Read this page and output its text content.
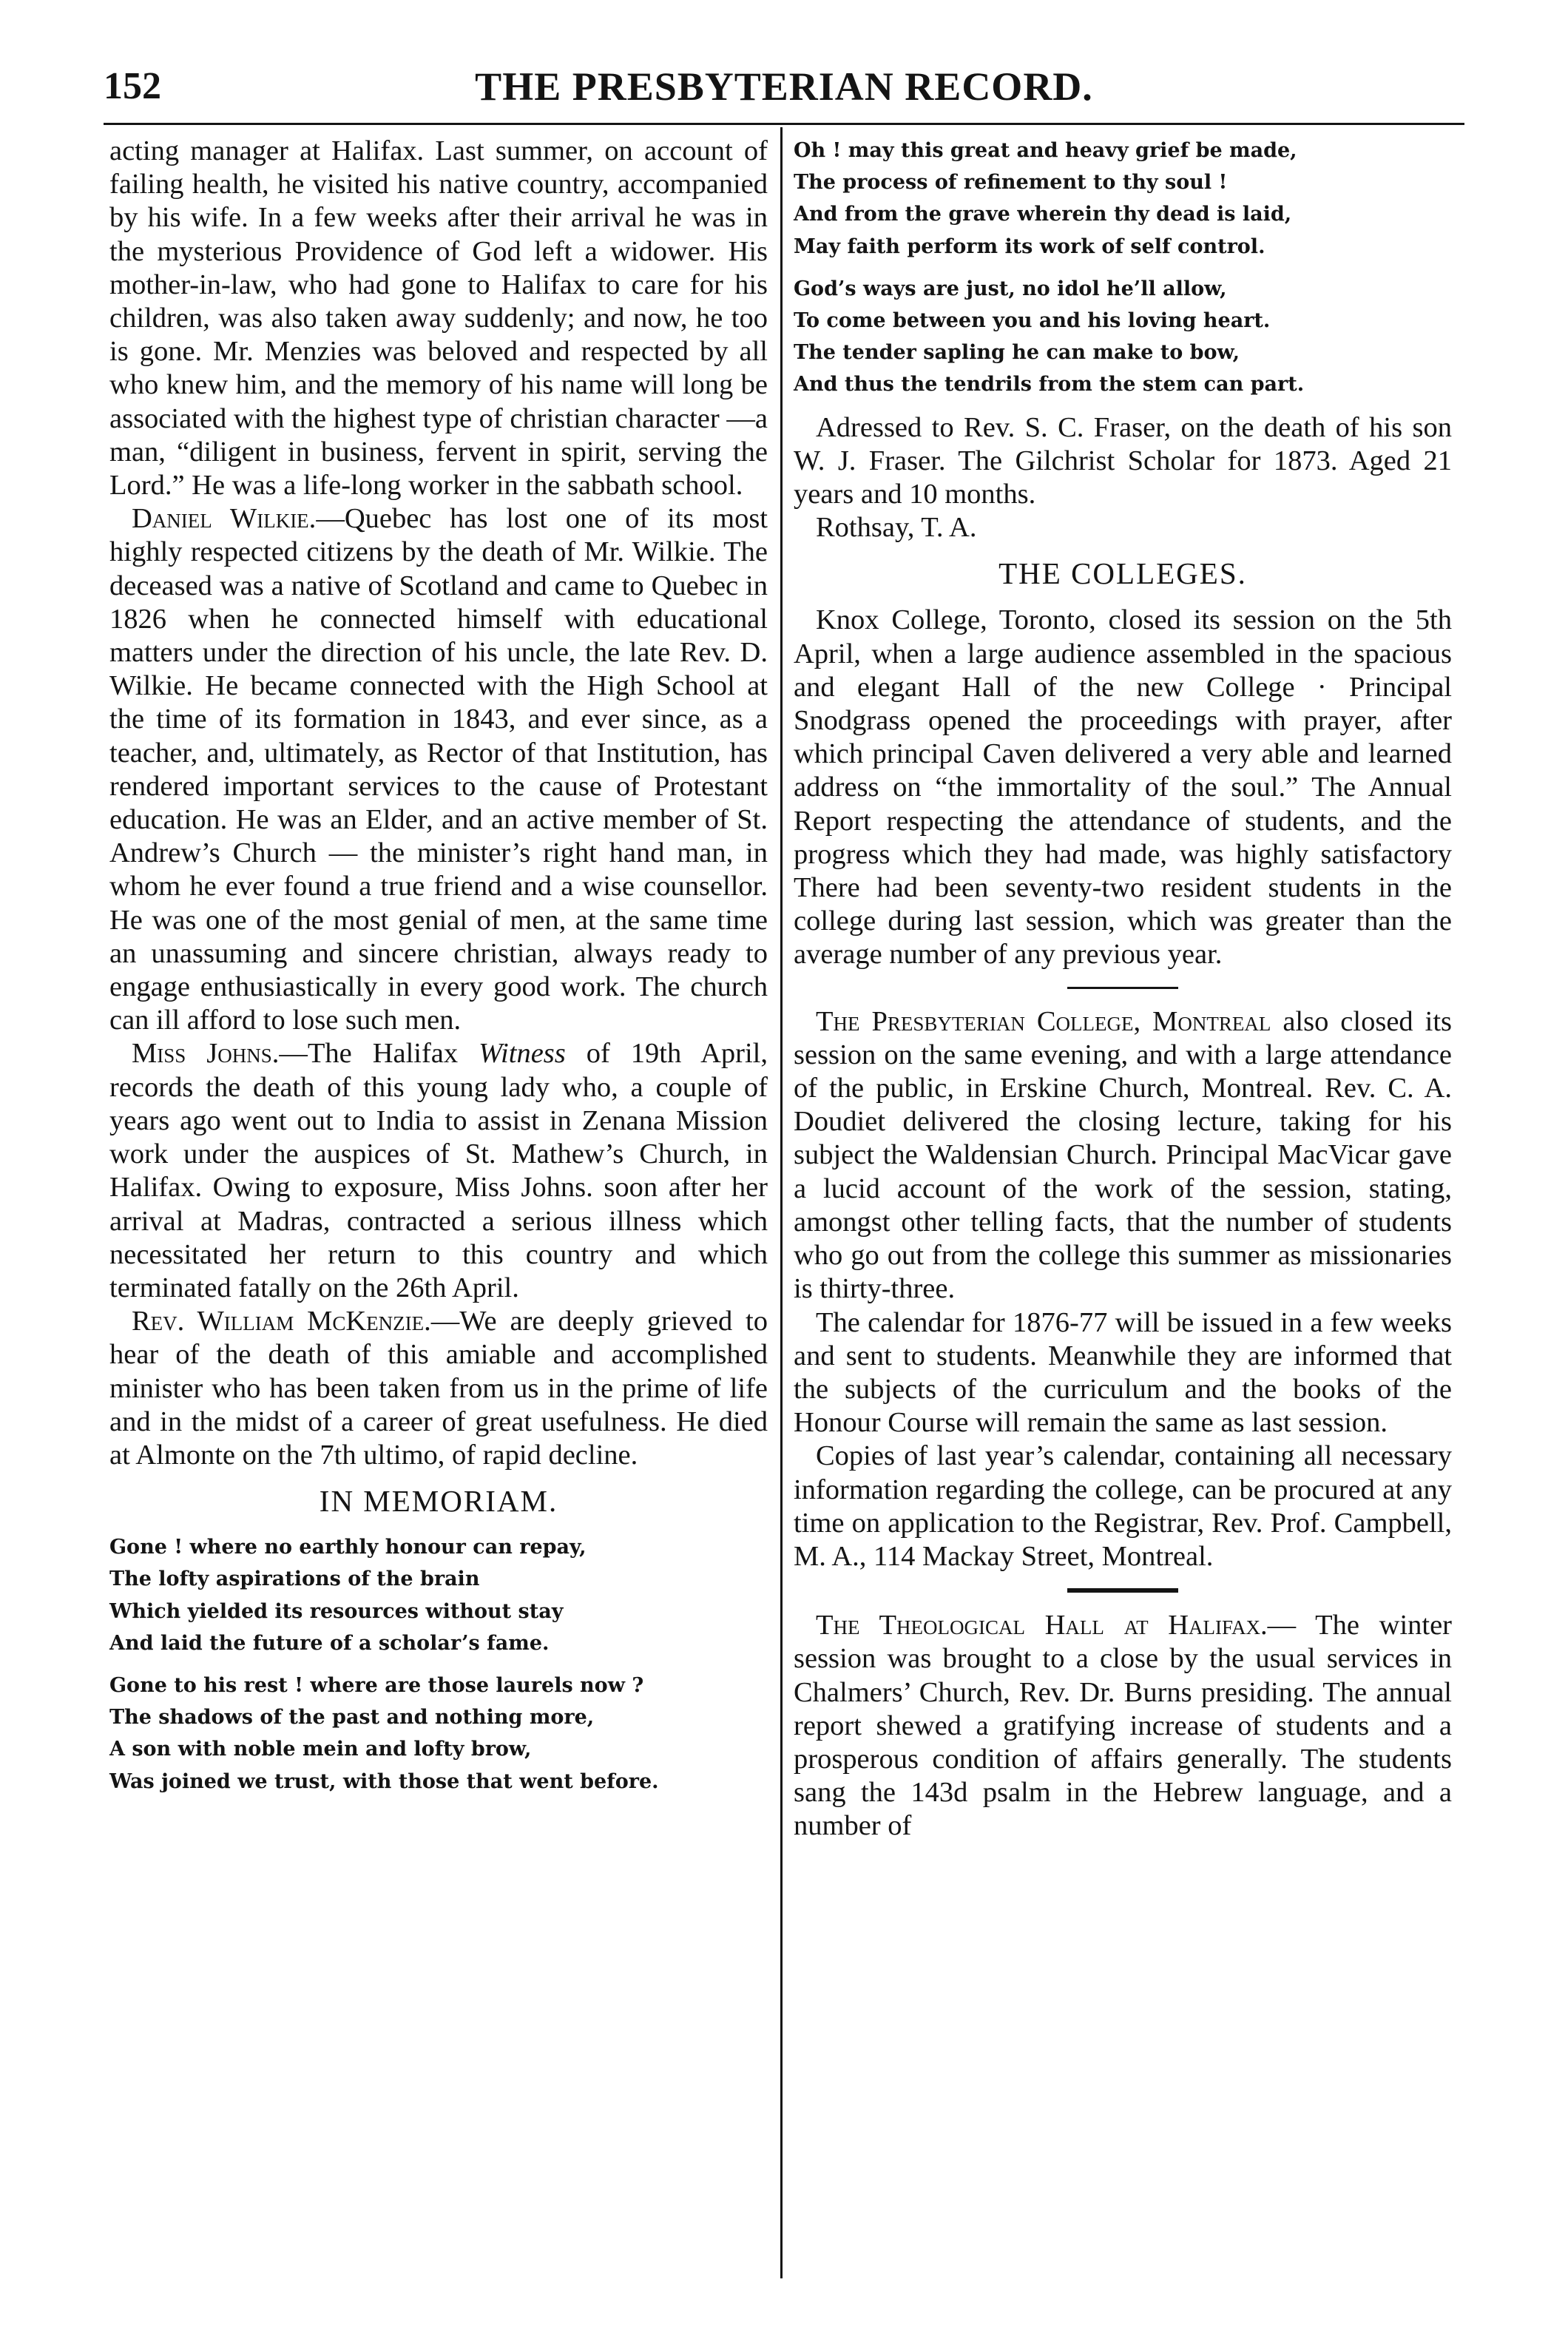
152	THE PRESBYTERIAN RECORD.

acting manager at Halifax. Last summer, on account of failing health, he visited his native country, accompanied by his wife. In a few weeks after their arrival he was in the mysterious Providence of God left a widower. His mother-in-law, who had gone to Halifax to care for his children, was also taken away suddenly; and now, he too is gone. Mr. Menzies was beloved and respected by all who knew him, and the memory of his name will long be associated with the highest type of christian character —a man, “diligent in business, fervent in spirit, serving the Lord.” He was a life-long worker in the sabbath school.

Daniel Wilkie.—Quebec has lost one of its most highly respected citizens by the death of Mr. Wilkie. The deceased was a native of Scotland and came to Quebec in 1826 when he connected himself with educational matters under the direction of his uncle, the late Rev. D. Wilkie. He became connected with the High School at the time of its formation in 1843, and ever since, as a teacher, and, ultimately, as Rector of that Institution, has rendered important services to the cause of Protestant education. He was an Elder, and an active member of St. Andrew’s Church — the minister’s right hand man, in whom he ever found a true friend and a wise counsellor. He was one of the most genial of men, at the same time an unassuming and sincere christian, always ready to engage enthusiastically in every good work. The church can ill afford to lose such men.

Miss Johns.—The Halifax Witness of 19th April, records the death of this young lady who, a couple of years ago went out to India to assist in Zenana Mission work under the auspices of St. Mathew’s Church, in Halifax. Owing to exposure, Miss Johns. soon after her arrival at Madras, contracted a serious illness which necessitated her return to this country and which terminated fatally on the 26th April.

Rev. William McKenzie.—We are deeply grieved to hear of the death of this amiable and accomplished minister who has been taken from us in the prime of life and in the midst of a career of great usefulness. He died at Almonte on the 7th ultimo, of rapid decline.

IN MEMORIAM.
Gone ! where no earthly honour can repay,
The lofty aspirations of the brain
Which yielded its resources without stay
And laid the future of a scholar’s fame.
Gone to his rest ! where are those laurels now ?
The shadows of the past and nothing more,
A son with noble mein and lofty brow,
Was joined we trust, with those that went before.
Oh ! may this great and heavy grief be made,
The process of refinement to thy soul !
And from the grave wherein thy dead is laid,
May faith perform its work of self control.
God’s ways are just, no idol he’ll allow,
To come between you and his loving heart.
The tender sapling he can make to bow,
And thus the tendrils from the stem can part.

Adressed to Rev. S. C. Fraser, on the death of his son W. J. Fraser. The Gilchrist Scholar for 1873. Aged 21 years and 10 months.

Rothsay, T. A.

THE COLLEGES.

Knox College, Toronto, closed its session on the 5th April, when a large audience assembled in the spacious and elegant Hall of the new College · Principal Snodgrass opened the proceedings with prayer, after which principal Caven delivered a very able and learned address on “the immortality of the soul.” The Annual Report respecting the attendance of students, and the progress which they had made, was highly satisfactory There had been seventy-two resident students in the college during last session, which was greater than the average number of any previous year.

The Presbyterian College, Montreal also closed its session on the same evening, and with a large attendance of the public, in Erskine Church, Montreal. Rev. C. A. Doudiet delivered the closing lecture, taking for his subject the Waldensian Church. Principal MacVicar gave a lucid account of the work of the session, stating, amongst other telling facts, that the number of students who go out from the college this summer as missionaries is thirty-three.

The calendar for 1876-77 will be issued in a few weeks and sent to students. Meanwhile they are informed that the subjects of the curriculum and the books of the Honour Course will remain the same as last session.

Copies of last year’s calendar, containing all necessary information regarding the college, can be procured at any time on application to the Registrar, Rev. Prof. Campbell, M. A., 114 Mackay Street, Montreal.

The Theological Hall at Halifax.— The winter session was brought to a close by the usual services in Chalmers’ Church, Rev. Dr. Burns presiding. The annual report shewed a gratifying increase of students and a prosperous condition of affairs generally. The students sang the 143d psalm in the Hebrew language, and a number of
